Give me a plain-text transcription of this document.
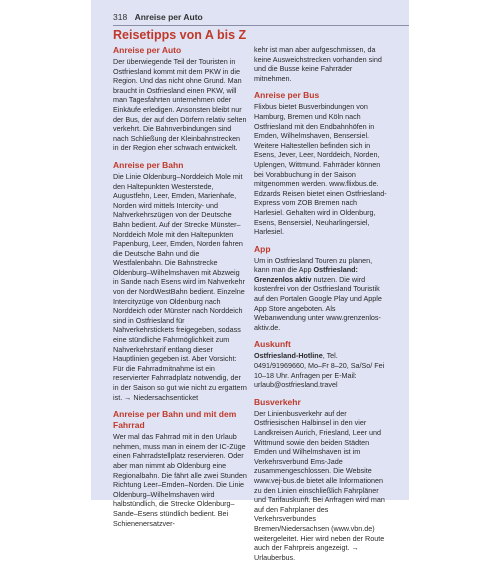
318 Anreise per Auto
Reisetipps von A bis Z
Anreise per Auto

Der überwiegende Teil der Touristen in Ostfriesland kommt mit dem PKW in die Region. Und das nicht ohne Grund. Man braucht in Ostfriesland einen PKW, will man Tagesfahrten unternehmen oder Einkäufe erledigen. Ansonsten bleibt nur der Bus, der auf den Dörfern relativ selten verkehrt. Die Bahnverbindungen sind nach Schließung der Kleinbahnstrecken in der Region eher schwach entwickelt.

Anreise per Bahn

Die Linie Oldenburg–Norddeich Mole mit den Haltepunkten Westerstede, Augustfehn, Leer, Emden, Marienhafe, Norden wird mittels Intercity- und Nahverkehrszügen von der Deutsche Bahn bedient. Auf der Strecke Münster–Norddeich Mole mit den Haltepunkten Papenburg, Leer, Emden, Norden fahren die Deutsche Bahn und die Westfalenbahn. Die Bahnstrecke Oldenburg–Wilhelmshaven mit Abzweig in Sande nach Esens wird im Nahverkehr von der NordWestBahn bedient. Einzelne Intercityzüge von Oldenburg nach Norddeich oder Münster nach Norddeich sind in Ostfriesland für Nahverkehrstickets freigegeben, sodass eine stündliche Fahrmöglichkeit zum Nahverkehrstarif entlang dieser Hauptlinien gegeben ist. Aber Vorsicht: Für die Fahrradmitnahme ist ein reservierter Fahrradplatz notwendig, der in der Saison so gut wie nicht zu ergattern ist. → Niedersachsenticket

Anreise per Bahn und mit dem Fahrrad

Wer mal das Fahrrad mit in den Urlaub nehmen, muss man in einem der IC-Züge einen Fahrradstellplatz reservieren. Oder aber man nimmt ab Oldenburg eine Regionalbahn. Die fährt alle zwei Stunden Richtung Leer–Emden–Norden. Die Linie Oldenburg–Wilhelmshaven wird halbstündlich, die Strecke Oldenburg–Sande–Esens stündlich bedient. Bei Schienenersatzver-

kehr ist man aber aufgeschmissen, da keine Ausweichstrecken vorhanden sind und die Busse keine Fahrräder mitnehmen.

Anreise per Bus

Flixbus bietet Busverbindungen von Hamburg, Bremen und Köln nach Ostfriesland mit den Endbahnhöfen in Emden, Wilhelmshaven, Bensersiel. Weitere Haltestellen befinden sich in Esens, Jever, Leer, Norddeich, Norden, Uplengen, Wittmund. Fahrräder können bei Vorabbuchung in der Saison mitgenommen werden. www.flixbus.de. Edzards Reisen bietet einen Ostfriesland-Express vom ZOB Bremen nach Harlesiel. Gehalten wird in Oldenburg, Esens, Bensersiel, Neuharlingersiel, Harlesiel.

App

Um in Ostfriesland Touren zu planen, kann man die App Ostfriesland: Grenzenlos aktiv nutzen. Die wird kostenfrei von der Ostfriesland Touristik auf den Portalen Google Play und Apple App Store angeboten. Als Webanwendung unter www.grenzenlos-aktiv.de.

Auskunft

Ostfriesland-Hotline, Tel. 0491/91969660, Mo–Fr 8–20, Sa/So/ Fei 10–18 Uhr. Anfragen per E-Mail: urlaub@ostfriesland.travel

Busverkehr

Der Linienbusverkehr auf der Ostfriesischen Halbinsel in den vier Landkreisen Aurich, Friesland, Leer und Wittmund sowie den beiden Städten Emden und Wilhelmshaven ist im Verkehrsverbund Ems-Jade zusammengeschlossen. Die Website www.vej-bus.de bietet alle Informationen zu den Linien einschließlich Fahrpläner und Tarifauskunft. Bei Anfragen wird man auf den Fahrplaner des Verkehrsverbundes Bremen/Niedersachsen (www.vbn.de) weitergeleitet. Hier wird neben der Route auch der Fahrpreis angezeigt. → Urlauberbus.
